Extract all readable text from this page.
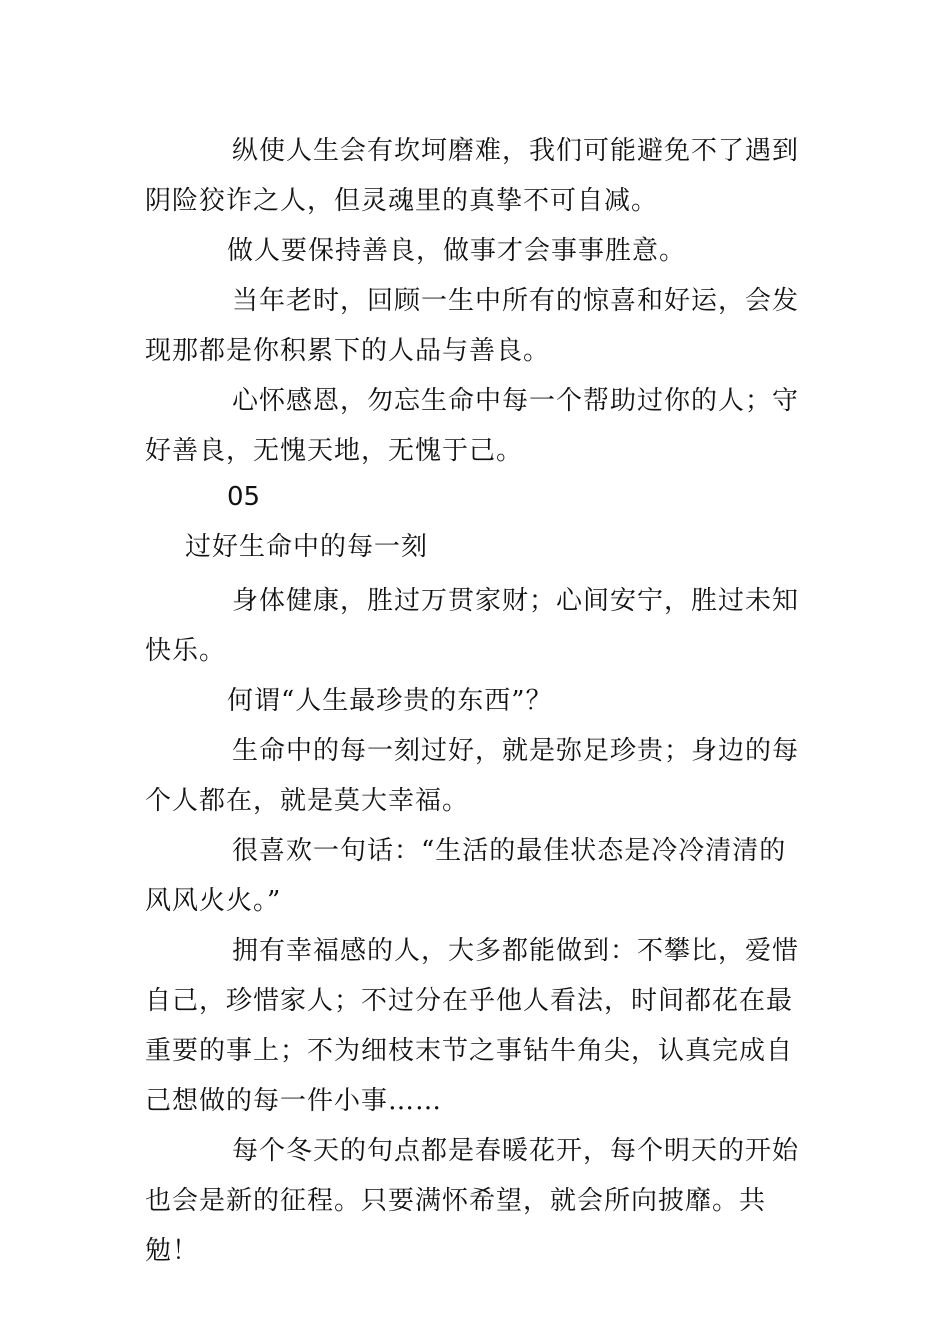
纵使人生会有坎坷磨难，我们可能避免不了遇到阴险狡诈之人，但灵魂里的真挚不可自减。

做人要保持善良，做事才会事事胜意。

当年老时，回顾一生中所有的惊喜和好运，会发现那都是你积累下的人品与善良。

心怀感恩，勿忘生命中每一个帮助过你的人；守好善良，无愧天地，无愧于己。

05

过好生命中的每一刻

身体健康，胜过万贯家财；心间安宁，胜过未知快乐。

何谓“人生最珍贵的东西”？

生命中的每一刻过好，就是弥足珍贵；身边的每个人都在，就是莫大幸福。

很喜欢一句话：“生活的最佳状态是冷冷清清的风风火火。”

拥有幸福感的人，大多都能做到：不攀比，爱惜自己，珍惜家人；不过分在乎他人看法，时间都花在最重要的事上；不为细枝末节之事钻牛角尖，认真完成自己想做的每一件小事……

每个冬天的句点都是春暖花开，每个明天的开始也会是新的征程。只要满怀希望，就会所向披靡。共勉！
